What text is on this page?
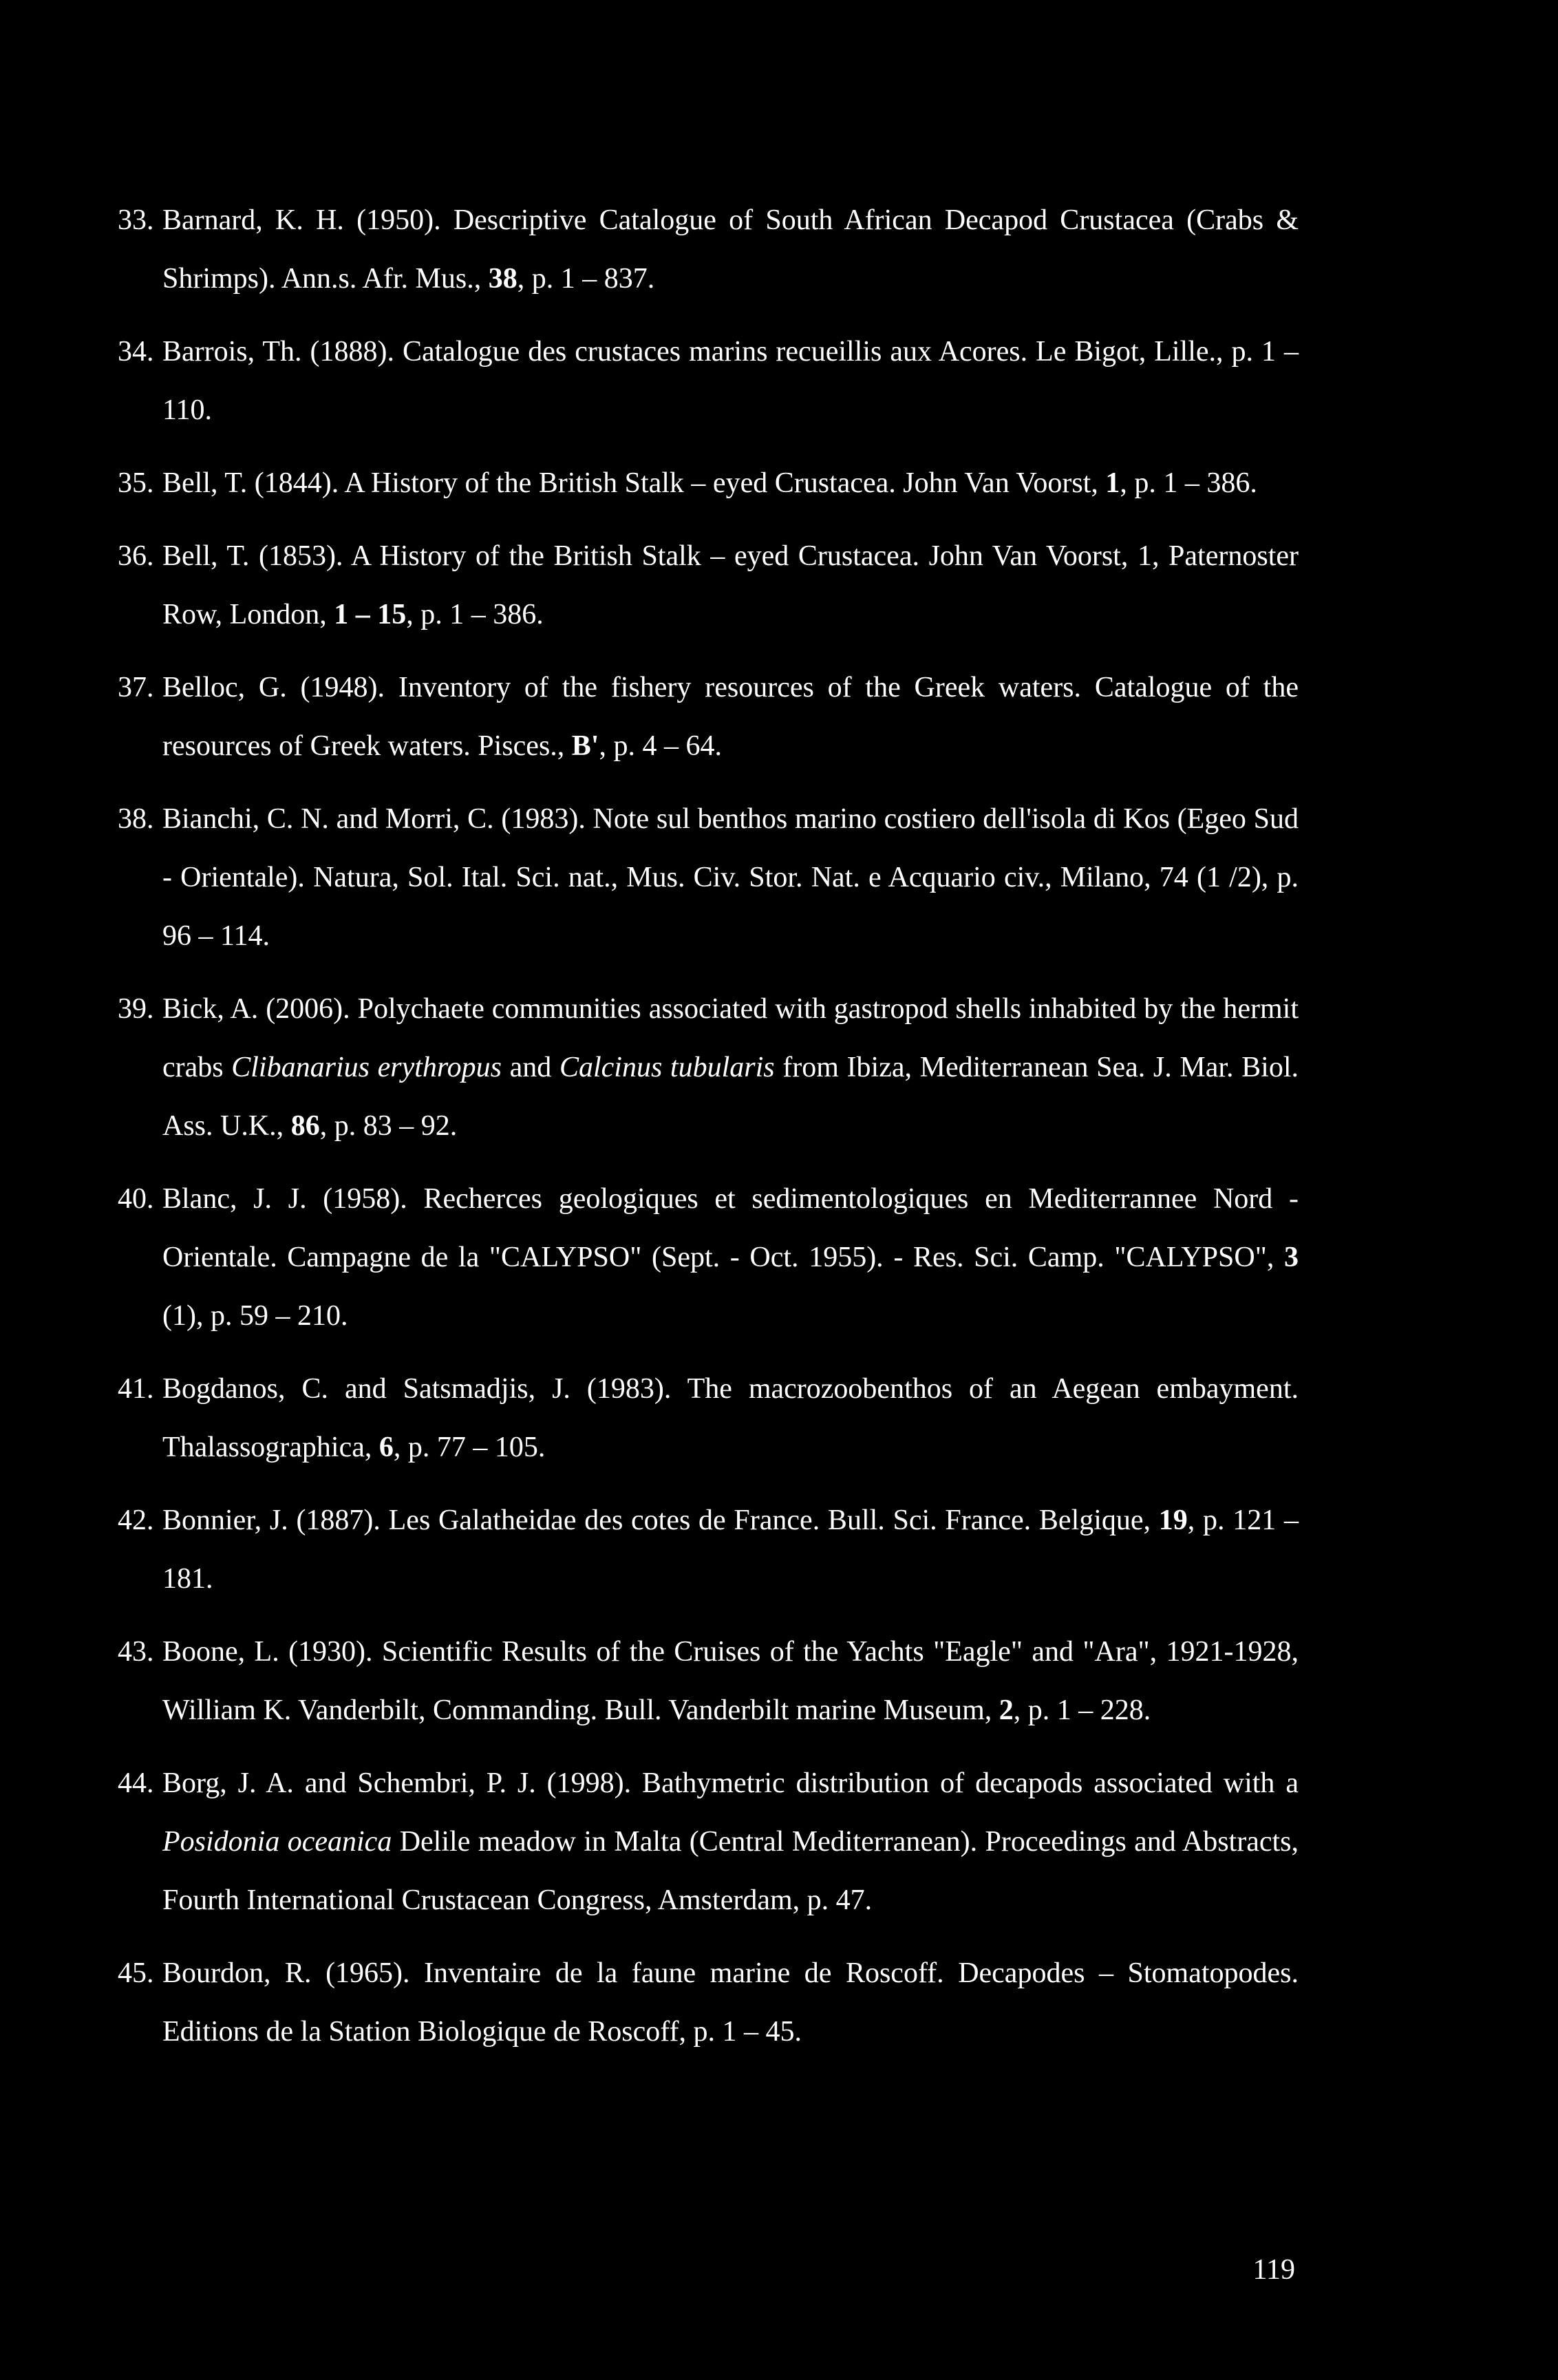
33. Barnard, K. H. (1950). Descriptive Catalogue of South African Decapod Crustacea (Crabs & Shrimps). Ann.s. Afr. Mus., 38, p. 1 – 837.
34. Barrois, Th. (1888). Catalogue des crustaces marins recueillis aux Acores. Le Bigot, Lille., p. 1 – 110.
35. Bell, T. (1844). A History of the British Stalk – eyed Crustacea. John Van Voorst, 1, p. 1 – 386.
36. Bell, T. (1853). A History of the British Stalk – eyed Crustacea. John Van Voorst, 1, Paternoster Row, London, 1 – 15, p. 1 – 386.
37. Belloc, G. (1948). Inventory of the fishery resources of the Greek waters. Catalogue of the resources of Greek waters. Pisces., B', p. 4 – 64.
38. Bianchi, C. N. and Morri, C. (1983). Note sul benthos marino costiero dell'isola di Kos (Egeo Sud - Orientale). Natura, Sol. Ital. Sci. nat., Mus. Civ. Stor. Nat. e Acquario civ., Milano, 74 (1 /2), p. 96 – 114.
39. Bick, A. (2006). Polychaete communities associated with gastropod shells inhabited by the hermit crabs Clibanarius erythropus and Calcinus tubularis from Ibiza, Mediterranean Sea. J. Mar. Biol. Ass. U.K., 86, p. 83 – 92.
40. Blanc, J. J. (1958). Recherces geologiques et sedimentologiques en Mediterrannee Nord - Orientale. Campagne de la "CALYPSO" (Sept. - Oct. 1955). - Res. Sci. Camp. "CALYPSO", 3 (1), p. 59 – 210.
41. Bogdanos, C. and Satsmadjis, J. (1983). The macrozoobenthos of an Aegean embayment. Thalassographica, 6, p. 77 – 105.
42. Bonnier, J. (1887). Les Galatheidae des cotes de France. Bull. Sci. France. Belgique, 19, p. 121 – 181.
43. Boone, L. (1930). Scientific Results of the Cruises of the Yachts "Eagle" and "Ara", 1921-1928, William K. Vanderbilt, Commanding. Bull. Vanderbilt marine Museum, 2, p. 1 – 228.
44. Borg, J. A. and Schembri, P. J. (1998). Bathymetric distribution of decapods associated with a Posidonia oceanica Delile meadow in Malta (Central Mediterranean). Proceedings and Abstracts, Fourth International Crustacean Congress, Amsterdam, p. 47.
45. Bourdon, R. (1965). Inventaire de la faune marine de Roscoff. Decapodes – Stomatopodes. Editions de la Station Biologique de Roscoff, p. 1 – 45.
119
